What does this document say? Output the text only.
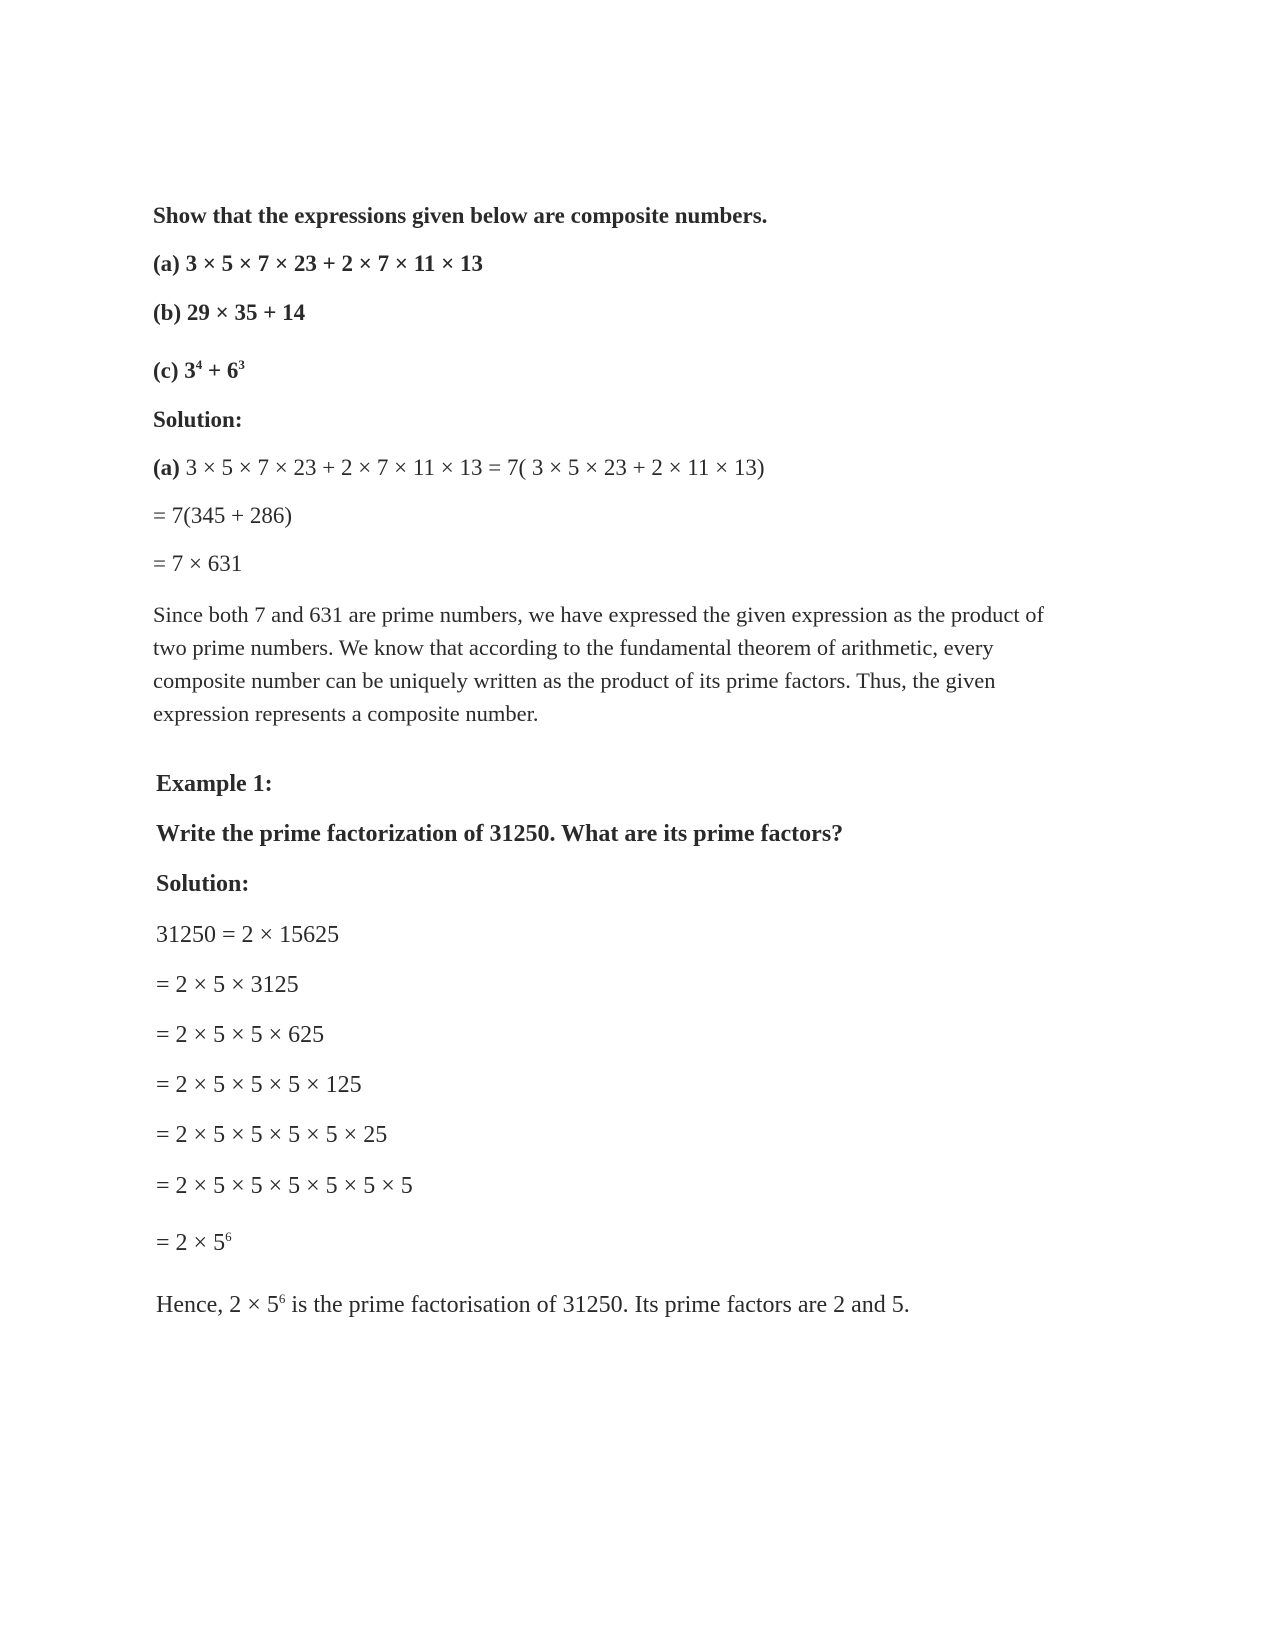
Show that the expressions given below are composite numbers.
(a) 3 × 5 × 7 × 23 + 2 × 7 × 11 × 13
(b) 29 × 35 + 14
(c) $3^4 + 6^3$
Solution:
(a) 3 × 5 × 7 × 23 + 2 × 7 × 11 × 13 = 7( 3 × 5 × 23 + 2 × 11 × 13)
= 7(345 + 286)
= 7 × 631
Since both 7 and 631 are prime numbers, we have expressed the given expression as the product of
two prime numbers. We know that according to the fundamental theorem of arithmetic, every
composite number can be uniquely written as the product of its prime factors. Thus, the given
expression represents a composite number.
Example 1:
Write the prime factorization of 31250. What are its prime factors?
Solution:
31250 = 2 × 15625
= 2 × 5 × 3125
= 2 × 5 × 5 × 625
= 2 × 5 × 5 × 5 × 125
= 2 × 5 × 5 × 5 × 5 × 25
= 2 × 5 × 5 × 5 × 5 × 5 × 5
= $2 \times 5^6$
Hence, $2 \times 5^6$ is the prime factorisation of 31250. Its prime factors are 2 and 5.
